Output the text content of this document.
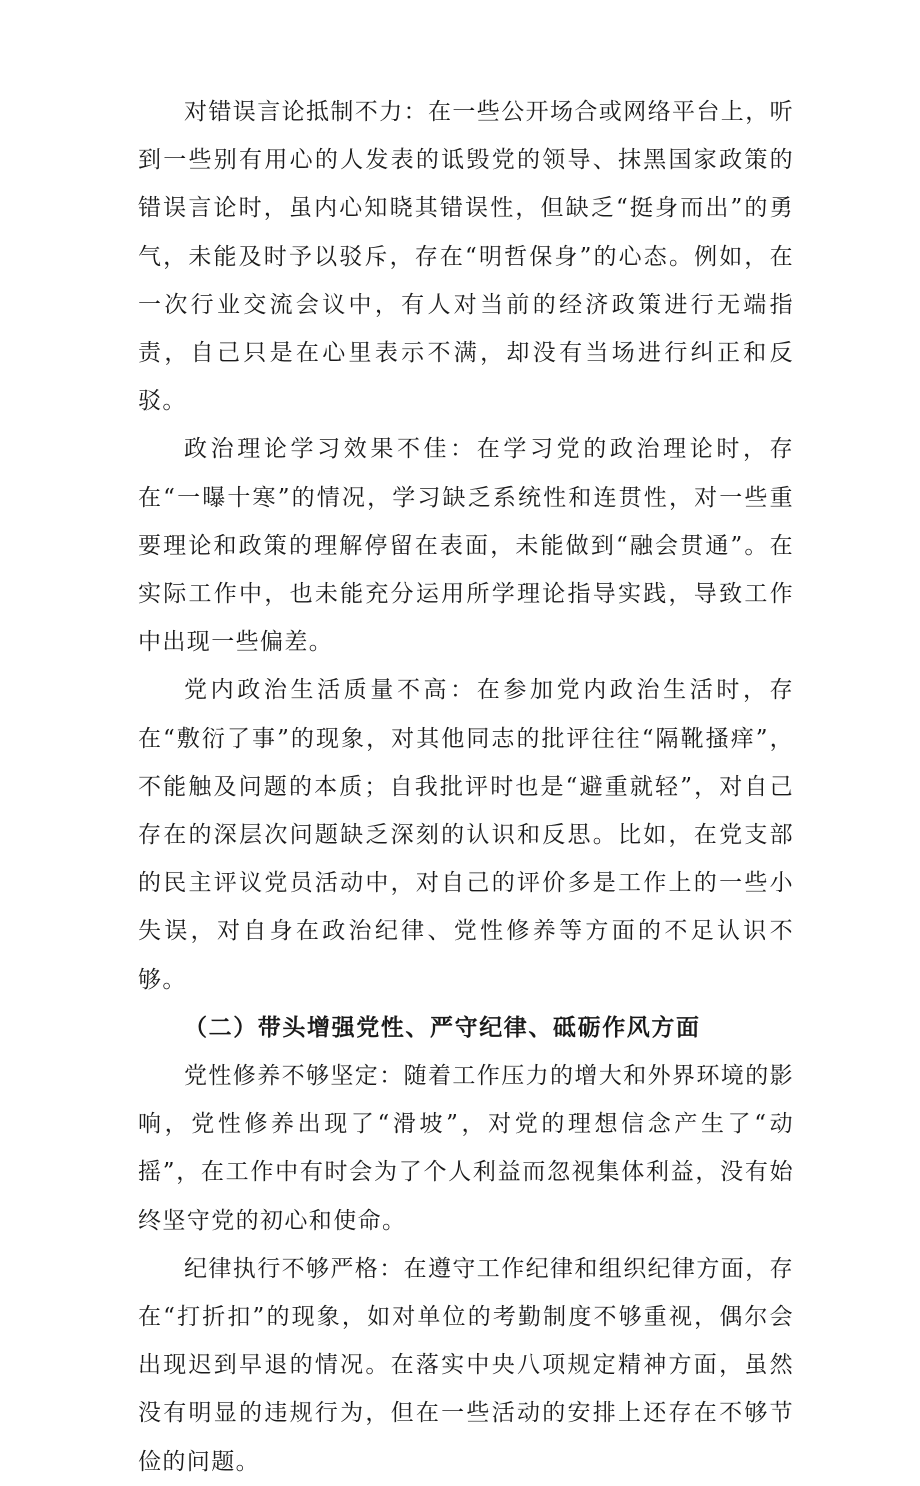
对错误言论抵制不力：在一些公开场合或网络平台上，听到一些别有用心的人发表的诋毁党的领导、抹黑国家政策的错误言论时，虽内心知晓其错误性，但缺乏“挺身而出”的勇气，未能及时予以驳斥，存在“明哲保身”的心态。例如，在一次行业交流会议中，有人对当前的经济政策进行无端指责，自己只是在心里表示不满，却没有当场进行纠正和反驳。

政治理论学习效果不佳：在学习党的政治理论时，存在“一曝十寒”的情况，学习缺乏系统性和连贯性，对一些重要理论和政策的理解停留在表面，未能做到“融会贯通”。在实际工作中，也未能充分运用所学理论指导实践，导致工作中出现一些偏差。

党内政治生活质量不高：在参加党内政治生活时，存在“敷衍了事”的现象，对其他同志的批评往往“隔靴搔痒”，不能触及问题的本质；自我批评时也是“避重就轻”，对自己存在的深层次问题缺乏深刻的认识和反思。比如，在党支部的民主评议党员活动中，对自己的评价多是工作上的一些小失误，对自身在政治纪律、党性修养等方面的不足认识不够。

（二）带头增强党性、严守纪律、砥砺作风方面

党性修养不够坚定：随着工作压力的增大和外界环境的影响，党性修养出现了“滑坡”，对党的理想信念产生了“动摇”，在工作中有时会为了个人利益而忽视集体利益，没有始终坚守党的初心和使命。

纪律执行不够严格：在遵守工作纪律和组织纪律方面，存在“打折扣”的现象，如对单位的考勤制度不够重视，偶尔会出现迟到早退的情况。在落实中央八项规定精神方面，虽然没有明显的违规行为，但在一些活动的安排上还存在不够节俭的问题。
